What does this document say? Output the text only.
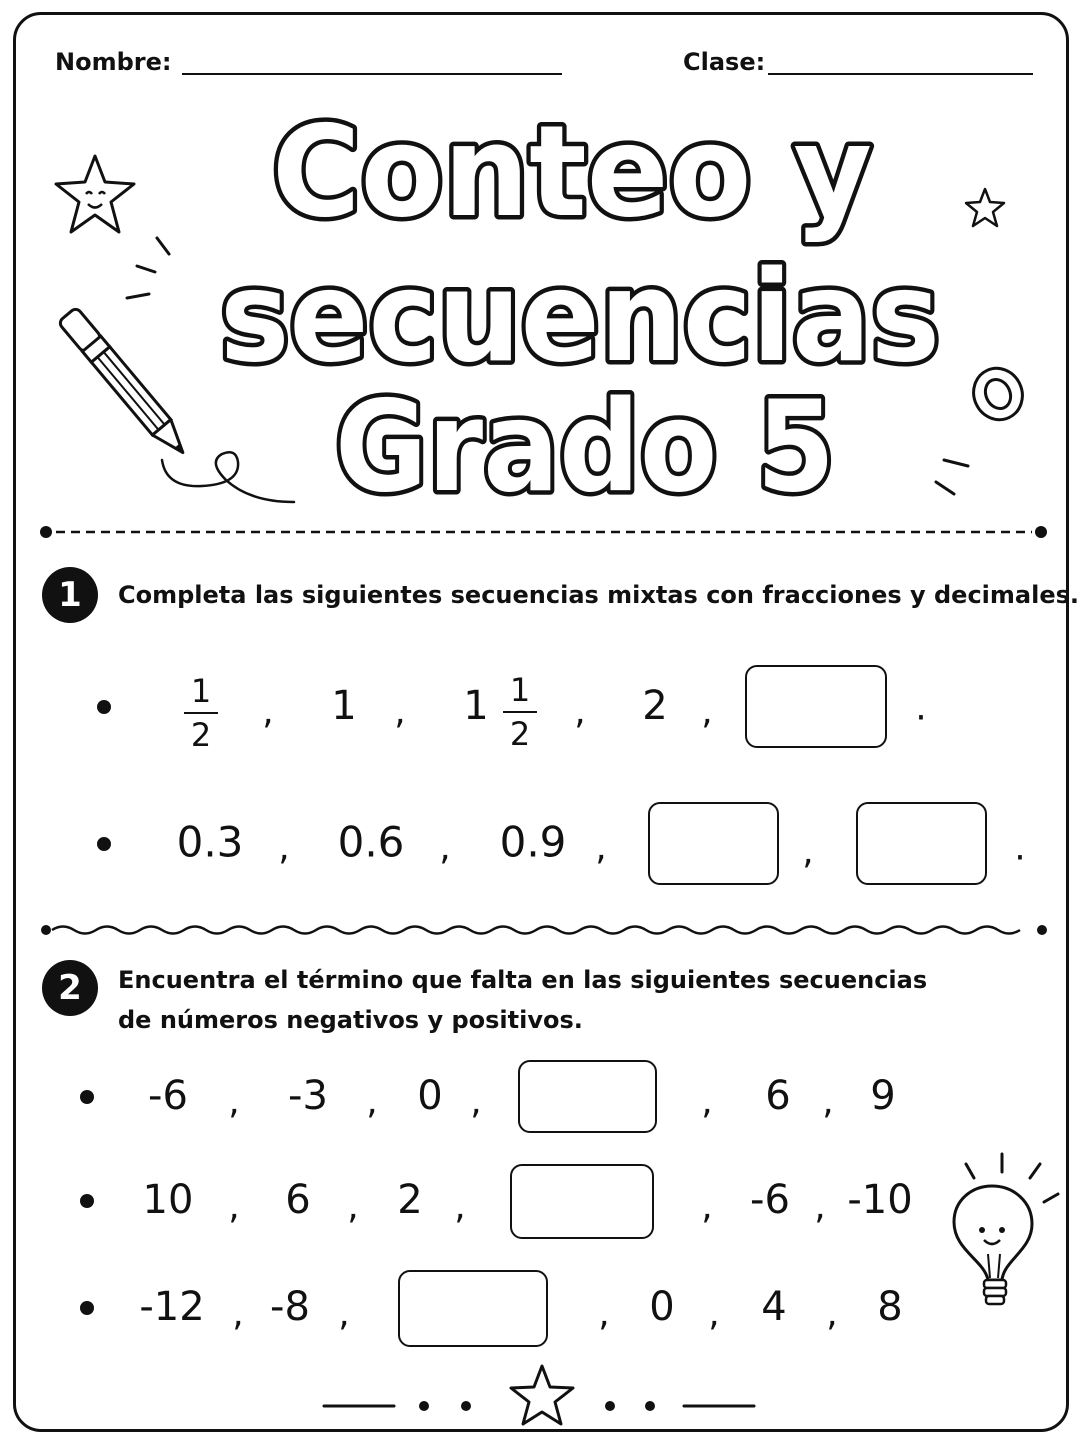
Nombre:	Clase:
Conteo y
secuencias
Grado 5
1	Completa las siguientes secuencias mixtas con fracciones y decimales.
1
2
, 1 , 1 1
2
, 2 ,	.
0.3 , 0.6 , 0.9 ,	,	.
2	Encuentra el término que falta en las siguientes secuencias
de números negativos y positivos.
-6 , -3 , 0 ,	, 6 , 9
10 , 6 , 2 ,	, -6 , -10
-12 , -8 ,	, 0 , 4 , 8
